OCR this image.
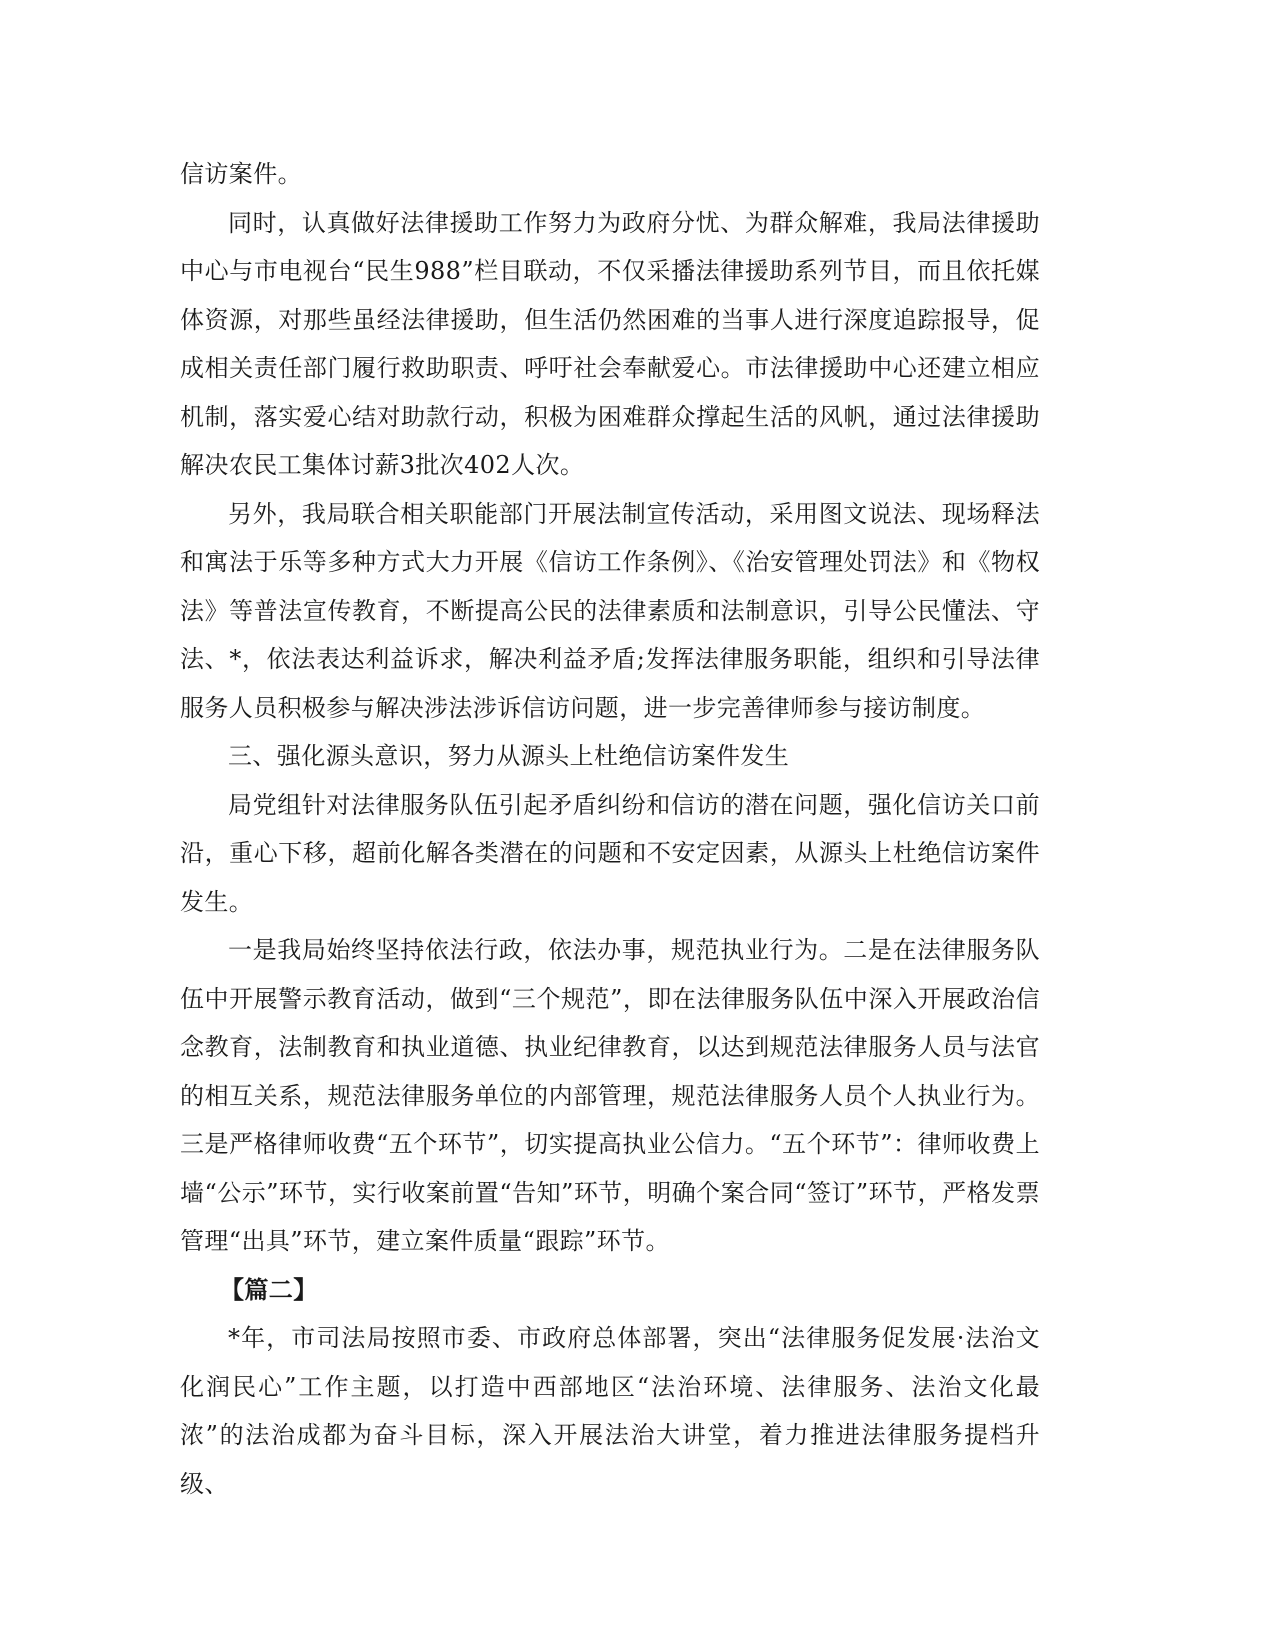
信访案件。

同时，认真做好法律援助工作努力为政府分忧、为群众解难，我局法律援助中心与市电视台“民生988”栏目联动，不仅采播法律援助系列节目，而且依托媒体资源，对那些虽经法律援助，但生活仍然困难的当事人进行深度追踪报导，促成相关责任部门履行救助职责、呼吁社会奉献爱心。市法律援助中心还建立相应机制，落实爱心结对助款行动，积极为困难群众撑起生活的风帆，通过法律援助解决农民工集体讨薪3批次402人次。

另外，我局联合相关职能部门开展法制宣传活动，采用图文说法、现场释法和寓法于乐等多种方式大力开展《信访工作条例》、《治安管理处罚法》和《物权法》等普法宣传教育，不断提高公民的法律素质和法制意识，引导公民懂法、守法、*，依法表达利益诉求，解决利益矛盾;发挥法律服务职能，组织和引导法律服务人员积极参与解决涉法涉诉信访问题，进一步完善律师参与接访制度。

三、强化源头意识，努力从源头上杜绝信访案件发生

局党组针对法律服务队伍引起矛盾纠纷和信访的潜在问题，强化信访关口前沿，重心下移，超前化解各类潜在的问题和不安定因素，从源头上杜绝信访案件发生。

一是我局始终坚持依法行政，依法办事，规范执业行为。二是在法律服务队伍中开展警示教育活动，做到“三个规范”，即在法律服务队伍中深入开展政治信念教育，法制教育和执业道德、执业纪律教育，以达到规范法律服务人员与法官的相互关系，规范法律服务单位的内部管理，规范法律服务人员个人执业行为。三是严格律师收费“五个环节”，切实提高执业公信力。“五个环节”：律师收费上墙“公示”环节，实行收案前置“告知”环节，明确个案合同“签订”环节，严格发票管理“出具”环节，建立案件质量“跟踪”环节。

【篇二】

*年，市司法局按照市委、市政府总体部署，突出“法律服务促发展·法治文化润民心”工作主题，以打造中西部地区“法治环境、法律服务、法治文化最浓”的法治成都为奋斗目标，深入开展法治大讲堂，着力推进法律服务提档升级、
